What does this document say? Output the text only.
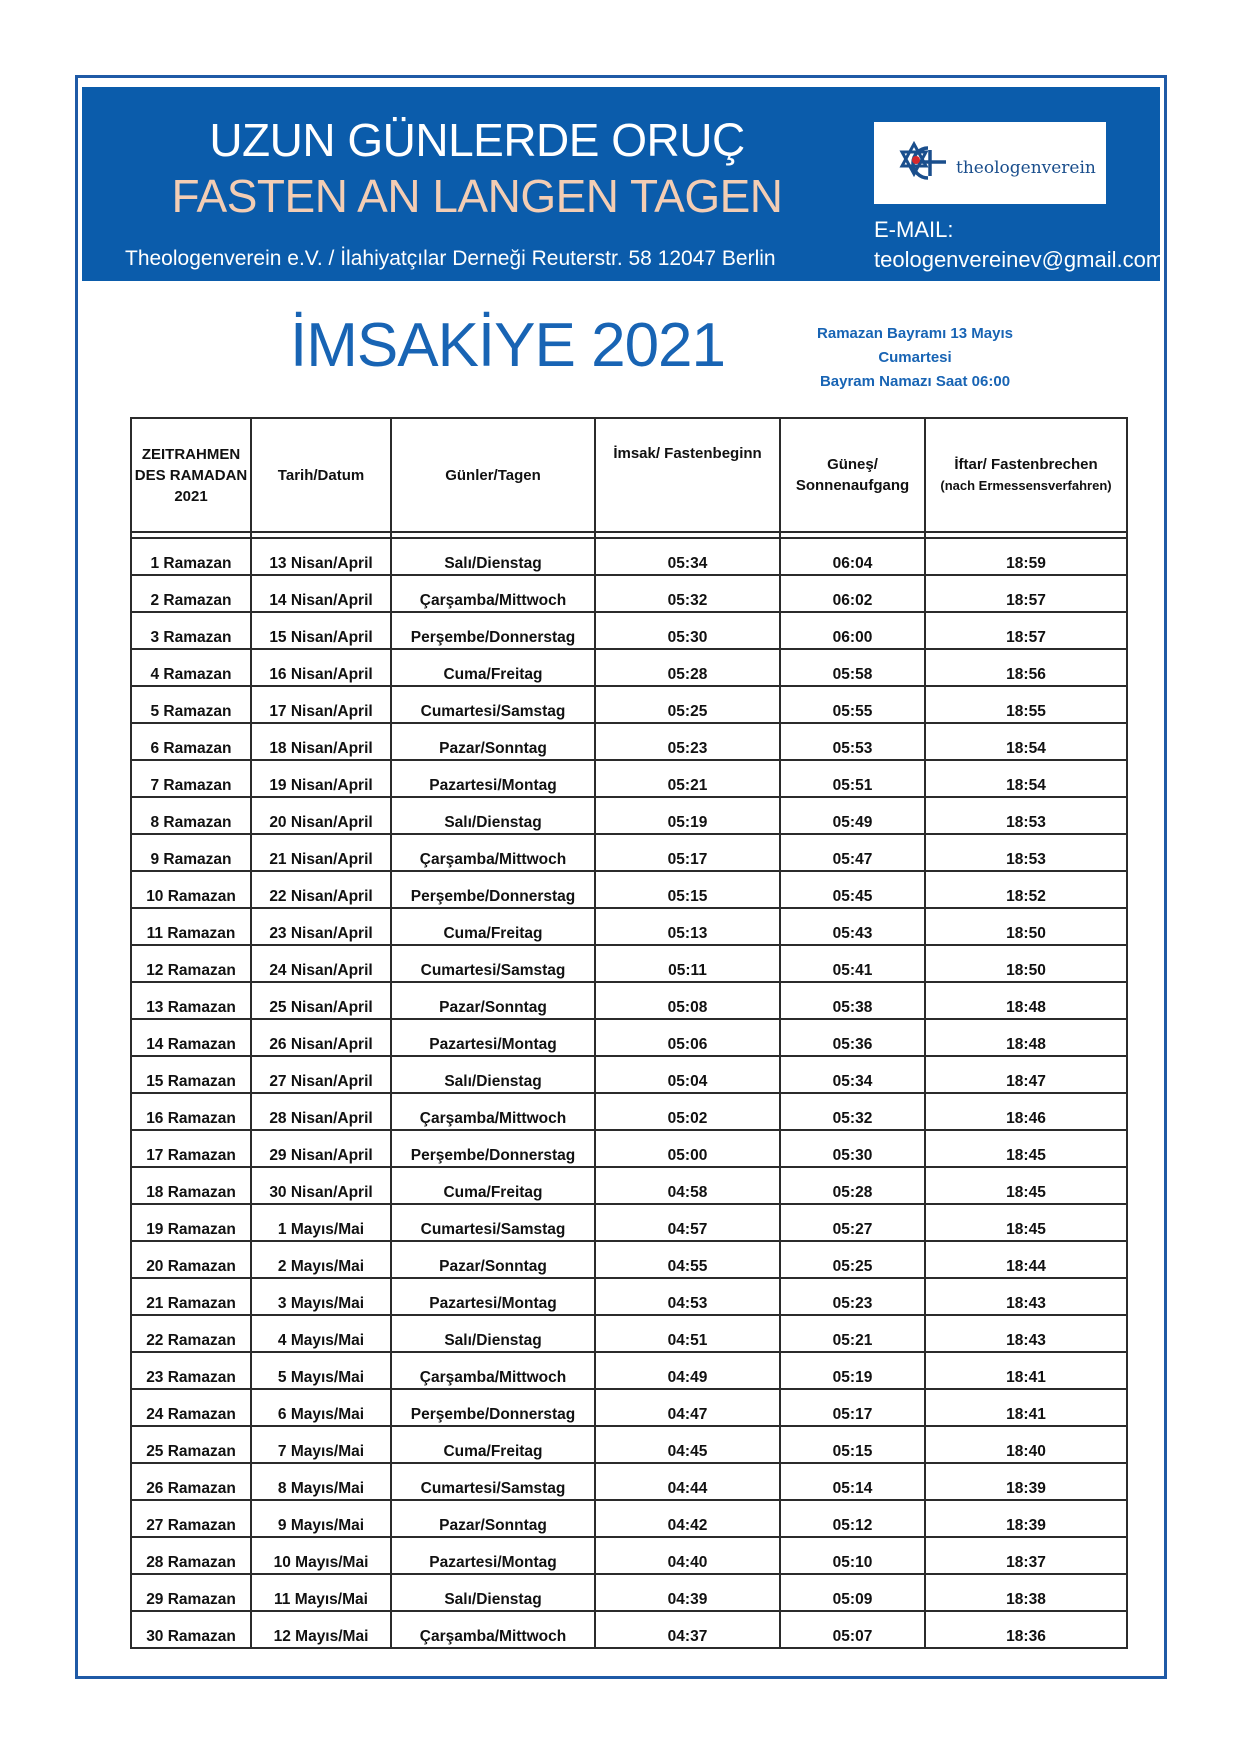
UZUN GÜNLERDE ORUÇ
FASTEN AN LANGEN TAGEN
Theologenverein e.V. / İlahiyatçılar Derneği Reuterstr. 58 12047 Berlin
theologenverein
E-MAIL:
teologenvereinev@gmail.com
İMSAKİYE 2021	Ramazan Bayramı 13 Mayıs Cumartesi
Bayram Namazı Saat 06:00
ZEITRAHMEN
DES RAMADAN
2021	Tarih/Datum	Günler/Tagen	İmsak/ Fastenbeginn	Güneş/
Sonnenaufgang	İftar/ Fastenbrechen
(nach Ermessensverfahren)

1 Ramazan	13 Nisan/April	Salı/Dienstag	05:34	06:04	18:59
2 Ramazan	14 Nisan/April	Çarşamba/Mittwoch	05:32	06:02	18:57
3 Ramazan	15 Nisan/April	Perşembe/Donnerstag	05:30	06:00	18:57
4 Ramazan	16 Nisan/April	Cuma/Freitag	05:28	05:58	18:56
5 Ramazan	17 Nisan/April	Cumartesi/Samstag	05:25	05:55	18:55
6 Ramazan	18 Nisan/April	Pazar/Sonntag	05:23	05:53	18:54
7 Ramazan	19 Nisan/April	Pazartesi/Montag	05:21	05:51	18:54
8 Ramazan	20 Nisan/April	Salı/Dienstag	05:19	05:49	18:53
9 Ramazan	21 Nisan/April	Çarşamba/Mittwoch	05:17	05:47	18:53
10 Ramazan	22 Nisan/April	Perşembe/Donnerstag	05:15	05:45	18:52
11 Ramazan	23 Nisan/April	Cuma/Freitag	05:13	05:43	18:50
12 Ramazan	24 Nisan/April	Cumartesi/Samstag	05:11	05:41	18:50
13 Ramazan	25 Nisan/April	Pazar/Sonntag	05:08	05:38	18:48
14 Ramazan	26 Nisan/April	Pazartesi/Montag	05:06	05:36	18:48
15 Ramazan	27 Nisan/April	Salı/Dienstag	05:04	05:34	18:47
16 Ramazan	28 Nisan/April	Çarşamba/Mittwoch	05:02	05:32	18:46
17 Ramazan	29 Nisan/April	Perşembe/Donnerstag	05:00	05:30	18:45
18 Ramazan	30 Nisan/April	Cuma/Freitag	04:58	05:28	18:45
19 Ramazan	1 Mayıs/Mai	Cumartesi/Samstag	04:57	05:27	18:45
20 Ramazan	2 Mayıs/Mai	Pazar/Sonntag	04:55	05:25	18:44
21 Ramazan	3 Mayıs/Mai	Pazartesi/Montag	04:53	05:23	18:43
22 Ramazan	4 Mayıs/Mai	Salı/Dienstag	04:51	05:21	18:43
23 Ramazan	5 Mayıs/Mai	Çarşamba/Mittwoch	04:49	05:19	18:41
24 Ramazan	6 Mayıs/Mai	Perşembe/Donnerstag	04:47	05:17	18:41
25 Ramazan	7 Mayıs/Mai	Cuma/Freitag	04:45	05:15	18:40
26 Ramazan	8 Mayıs/Mai	Cumartesi/Samstag	04:44	05:14	18:39
27 Ramazan	9 Mayıs/Mai	Pazar/Sonntag	04:42	05:12	18:39
28 Ramazan	10 Mayıs/Mai	Pazartesi/Montag	04:40	05:10	18:37
29 Ramazan	11 Mayıs/Mai	Salı/Dienstag	04:39	05:09	18:38
30 Ramazan	12 Mayıs/Mai	Çarşamba/Mittwoch	04:37	05:07	18:36
